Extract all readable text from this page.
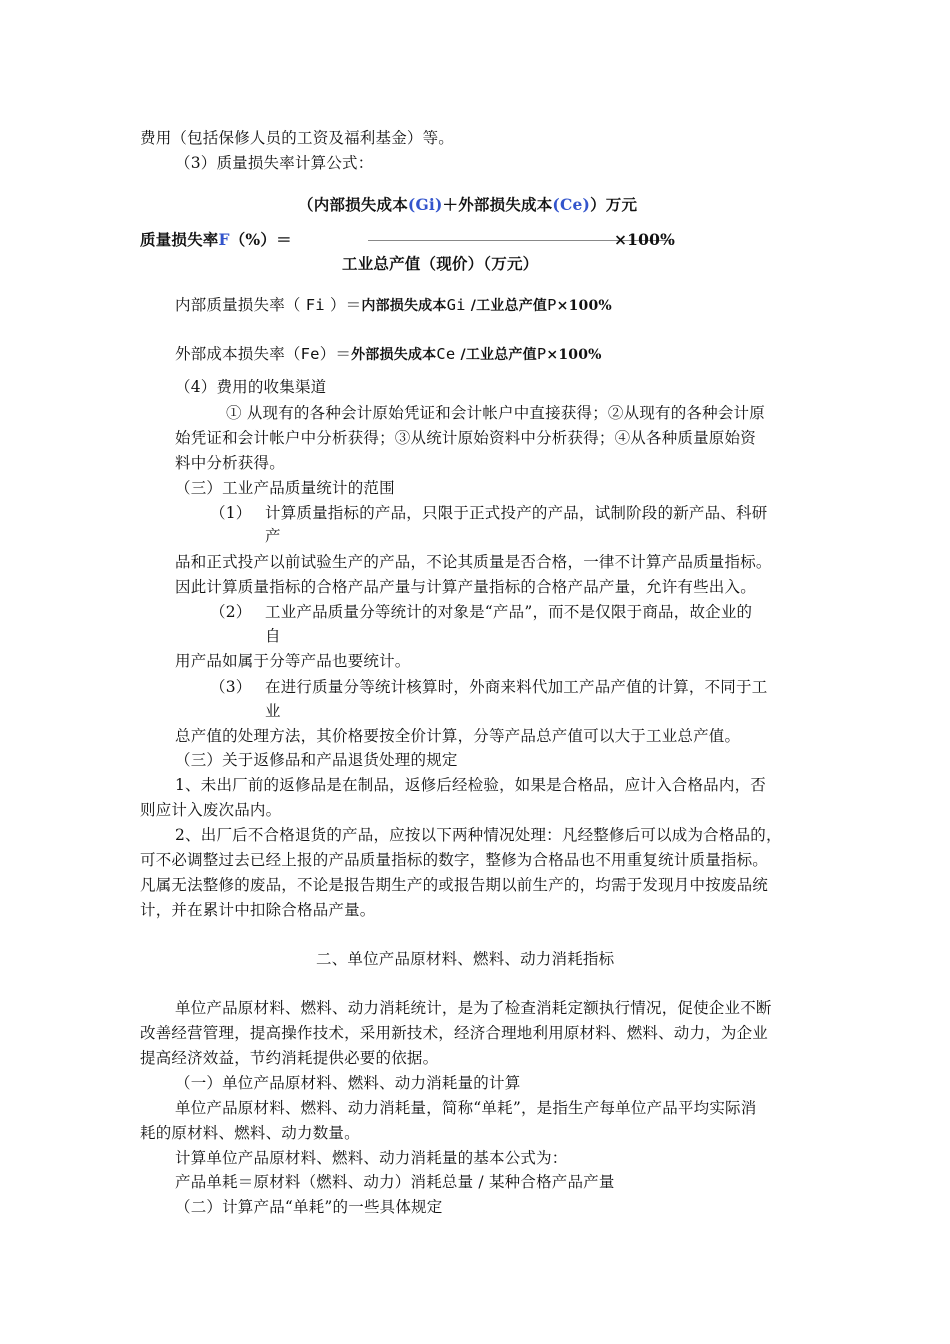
费用（包括保修人员的工资及福利基金）等。
（3）质量损失率计算公式：
（内部损失成本(Gi)＋外部损失成本(Ce)）万元
质量损失率F（%）＝	×100%
工业总产值（现价）（万元）
内部质量损失率（ Fi ）＝内部损失成本Gi /工业总产值P×100%
外部成本损失率（Fe）＝外部损失成本Ce /工业总产值P×100%
（4）费用的收集渠道
① 从现有的各种会计原始凭证和会计帐户中直接获得；②从现有的各种会计原
始凭证和会计帐户中分析获得；③从统计原始资料中分析获得；④从各种质量原始资
料中分析获得。
（三）工业产品质量统计的范围
（1） 计算质量指标的产品，只限于正式投产的产品，试制阶段的新产品、科研
产
品和正式投产以前试验生产的产品，不论其质量是否合格，一律不计算产品质量指标。
因此计算质量指标的合格产品产量与计算产量指标的合格产品产量，允许有些出入。
（2） 工业产品质量分等统计的对象是“产品”，而不是仅限于商品，故企业的
自
用产品如属于分等产品也要统计。
（3） 在进行质量分等统计核算时，外商来料代加工产品产值的计算，不同于工
业
总产值的处理方法，其价格要按全价计算，分等产品总产值可以大于工业总产值。
（三）关于返修品和产品退货处理的规定
1、未出厂前的返修品是在制品，返修后经检验，如果是合格品，应计入合格品内，否
则应计入废次品内。
2、出厂后不合格退货的产品，应按以下两种情况处理：凡经整修后可以成为合格品的，
可不必调整过去已经上报的产品质量指标的数字，整修为合格品也不用重复统计质量指标。
凡属无法整修的废品，不论是报告期生产的或报告期以前生产的，均需于发现月中按废品统
计，并在累计中扣除合格品产量。
二、单位产品原材料、燃料、动力消耗指标
单位产品原材料、燃料、动力消耗统计，是为了检查消耗定额执行情况，促使企业不断
改善经营管理，提高操作技术，采用新技术，经济合理地利用原材料、燃料、动力，为企业
提高经济效益，节约消耗提供必要的依据。
（一）单位产品原材料、燃料、动力消耗量的计算
单位产品原材料、燃料、动力消耗量，简称“单耗”，是指生产每单位产品平均实际消
耗的原材料、燃料、动力数量。
计算单位产品原材料、燃料、动力消耗量的基本公式为：
产品单耗＝原材料（燃料、动力）消耗总量 / 某种合格产品产量
（二）计算产品“单耗”的一些具体规定
